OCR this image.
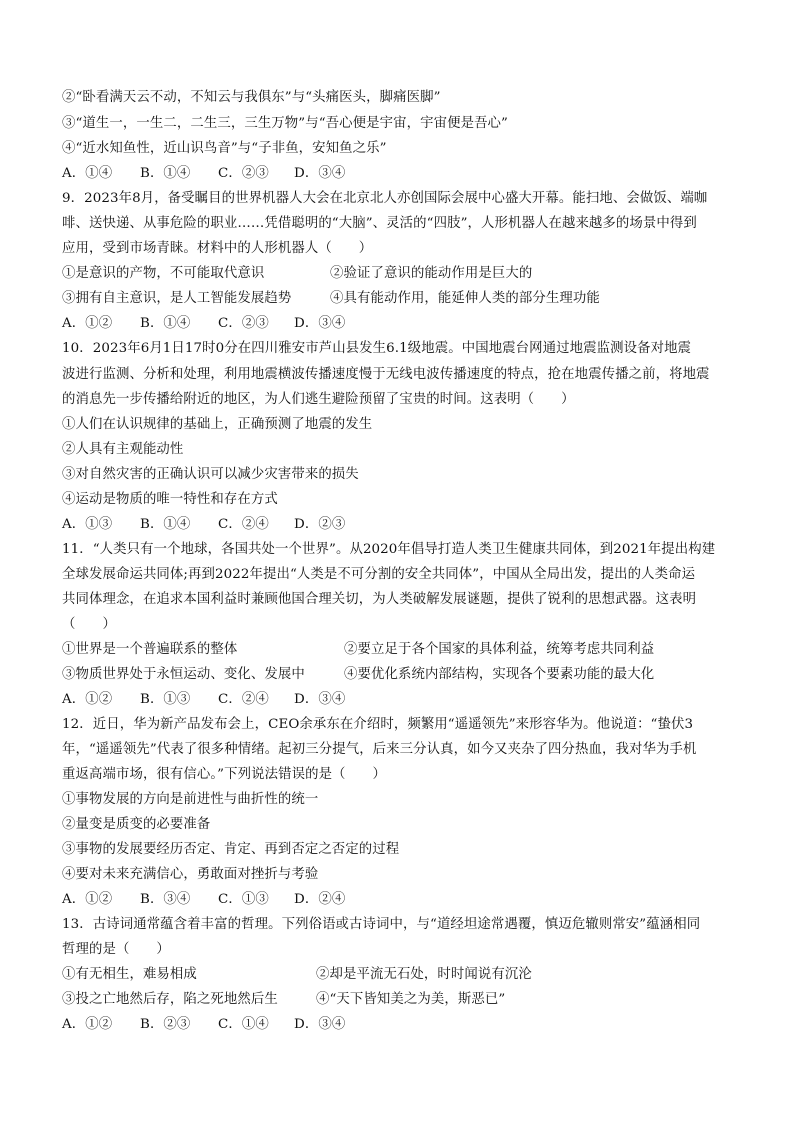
②“卧看满天云不动，不知云与我俱东”与“头痛医头，脚痛医脚”
③“道生一，一生二，二生三，三生万物”与“吾心便是宇宙，宇宙便是吾心”
④“近水知鱼性，近山识鸟音”与“子非鱼，安知鱼之乐”
A．①④ B．①④ C．②③ D．③④
9．2023年8月，备受瞩目的世界机器人大会在北京北人亦创国际会展中心盛大开幕。能扫地、会做饭、端咖
啡、送快递、从事危险的职业……凭借聪明的“大脑”、灵活的“四肢”，人形机器人在越来越多的场景中得到
应用，受到市场青睐。材料中的人形机器人（　　）
①是意识的产物，不可能取代意识	②验证了意识的能动作用是巨大的
③拥有自主意识，是人工智能发展趋势	④具有能动作用，能延伸人类的部分生理功能
A．①② B．①④ C．②③ D．③④
10．2023年6月1日17时0分在四川雅安市芦山县发生6.1级地震。中国地震台网通过地震监测设备对地震
波进行监测、分析和处理，利用地震横波传播速度慢于无线电波传播速度的特点，抢在地震传播之前，将地震
的消息先一步传播给附近的地区，为人们逃生避险预留了宝贵的时间。这表明（　　）
①人们在认识规律的基础上，正确预测了地震的发生
②人具有主观能动性
③对自然灾害的正确认识可以减少灾害带来的损失
④运动是物质的唯一特性和存在方式
A．①③ B．①④ C．②④ D．②③
11．“人类只有一个地球，各国共处一个世界”。从2020年倡导打造人类卫生健康共同体，到2021年提出构建
全球发展命运共同体;再到2022年提出“人类是不可分割的安全共同体”，中国从全局出发，提出的人类命运
共同体理念，在追求本国利益时兼顾他国合理关切，为人类破解发展谜题，提供了锐利的思想武器。这表明
（　　）
①世界是一个普遍联系的整体	②要立足于各个国家的具体利益，统筹考虑共同利益
③物质世界处于永恒运动、变化、发展中	④要优化系统内部结构，实现各个要素功能的最大化
A．①② B．①③ C．②④ D．③④
12．近日，华为新产品发布会上，CEO余承东在介绍时，频繁用“遥遥领先”来形容华为。他说道：“蛰伏3
年，“遥遥领先”代表了很多种情绪。起初三分提气，后来三分认真，如今又夹杂了四分热血，我对华为手机
重返高端市场，很有信心。”下列说法错误的是（　　）
①事物发展的方向是前进性与曲折性的统一
②量变是质变的必要准备
③事物的发展要经历否定、肯定、再到否定之否定的过程
④要对未来充满信心，勇敢面对挫折与考验
A．①② B．③④ C．①③ D．②④
13．古诗词通常蕴含着丰富的哲理。下列俗语或古诗词中，与“道经坦途常遇覆，慎迈危辙则常安”蕴涵相同
哲理的是（　　）
①有无相生，难易相成	②却是平流无石处，时时闻说有沉沦
③投之亡地然后存，陷之死地然后生	④“天下皆知美之为美，斯恶已”
A．①② B．②③ C．①④ D．③④
